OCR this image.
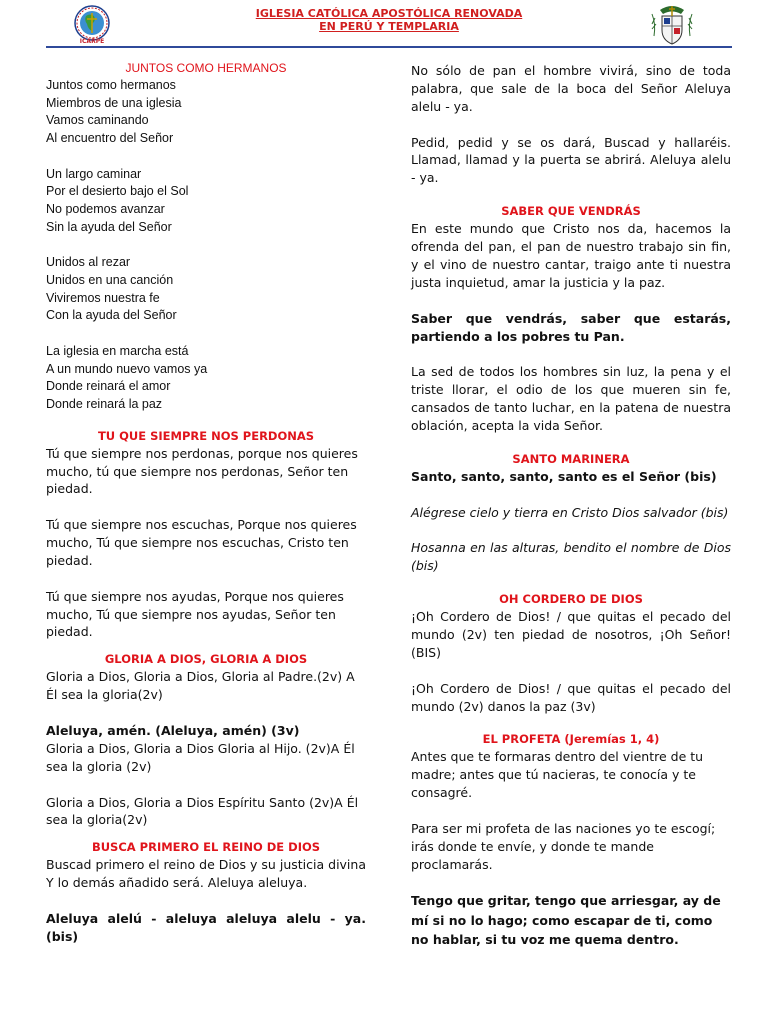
ICARPE
IGLESIA CATÓLICA APOSTÓLICA RENOVADA
EN PERÚ Y TEMPLARIA

JUNTOS COMO HERMANOS

Juntos como hermanos
Miembros de una iglesia
Vamos caminando
Al encuentro del Señor
Un largo caminar
Por el desierto bajo el Sol
No podemos avanzar
Sin la ayuda del Señor
Unidos al rezar
Unidos en una canción
Viviremos nuestra fe
Con la ayuda del Señor
La iglesia en marcha está
A un mundo nuevo vamos ya
Donde reinará el amor
Donde reinará la paz

TU QUE SIEMPRE NOS PERDONAS

Tú que siempre nos perdonas, porque nos quieres mucho, tú que siempre nos perdonas, Señor ten piedad.

Tú que siempre nos escuchas, Porque nos quieres mucho, Tú que siempre nos escuchas, Cristo ten piedad.

Tú que siempre nos ayudas, Porque nos quieres mucho, Tú que siempre nos ayudas, Señor ten piedad.

GLORIA A DIOS, GLORIA A DIOS

Gloria a Dios, Gloria a Dios, Gloria al Padre.(2v) A Él sea la gloria(2v)

Aleluya, amén. (Aleluya, amén) (3v)

Gloria a Dios, Gloria a Dios Gloria al Hijo. (2v)A Él sea la gloria (2v)

Gloria a Dios, Gloria a Dios Espíritu Santo (2v)A Él sea la gloria(2v)

BUSCA PRIMERO EL REINO DE DIOS

Buscad primero el reino de Dios y su justicia divina Y lo demás añadido será. Aleluya aleluya.

Aleluya alelú - aleluya aleluya alelu - ya. (bis)

No sólo de pan el hombre vivirá, sino de toda palabra, que sale de la boca del Señor Aleluya alelu - ya.

Pedid, pedid y se os dará, Buscad y hallaréis. Llamad, llamad y la puerta se abrirá. Aleluya alelu - ya.

SABER QUE VENDRÁS

En este mundo que Cristo nos da, hacemos la ofrenda del pan, el pan de nuestro trabajo sin fin, y el vino de nuestro cantar, traigo ante ti nuestra justa inquietud, amar la justicia y la paz.

Saber que vendrás, saber que estarás, partiendo a los pobres tu Pan.

La sed de todos los hombres sin luz, la pena y el triste llorar, el odio de los que mueren sin fe, cansados de tanto luchar, en la patena de nuestra oblación, acepta la vida Señor.

SANTO MARINERA

Santo, santo, santo, santo es el Señor (bis)

Alégrese cielo y tierra en Cristo Dios salvador (bis)

Hosanna en las alturas, bendito el nombre de Dios (bis)

OH CORDERO DE DIOS

¡Oh Cordero de Dios! / que quitas el pecado del mundo (2v) ten piedad de nosotros, ¡Oh Señor! (BIS)

¡Oh Cordero de Dios! / que quitas el pecado del mundo (2v) danos la paz (3v)

EL PROFETA (Jeremías 1, 4)

Antes que te formaras dentro del vientre de tu madre; antes que tú nacieras, te conocía y te consagré.

Para ser mi profeta de las naciones yo te escogí; irás donde te envíe, y donde te mande proclamarás.

Tengo que gritar, tengo que arriesgar, ay de mí si no lo hago; como escapar de ti, como no hablar, si tu voz me quema dentro.
